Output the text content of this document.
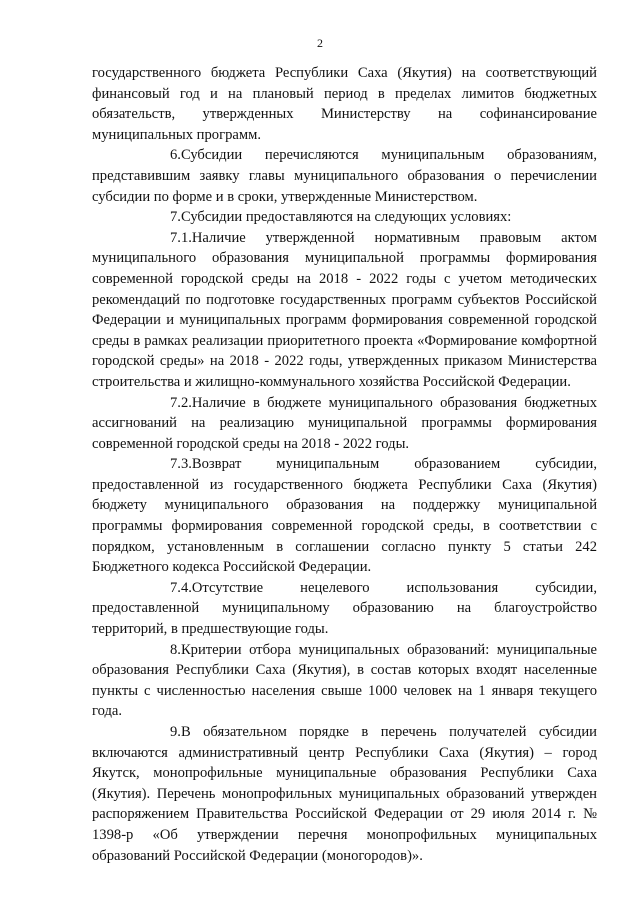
2

государственного бюджета Республики Саха (Якутия) на соответствующий финансовый год и на плановый период в пределах лимитов бюджетных обязательств, утвержденных Министерству на софинансирование муниципальных программ.

6.Субсидии перечисляются муниципальным образованиям, представившим заявку главы муниципального образования о перечислении субсидии по форме и в сроки, утвержденные Министерством.

7.Субсидии предоставляются на следующих условиях:

7.1.Наличие утвержденной нормативным правовым актом муниципального образования муниципальной программы формирования современной городской среды на 2018 - 2022 годы с учетом методических рекомендаций по подготовке государственных программ субъектов Российской Федерации и муниципальных программ формирования современной городской среды в рамках реализации приоритетного проекта «Формирование комфортной городской среды» на 2018 - 2022 годы, утвержденных приказом Министерства строительства и жилищно-коммунального хозяйства Российской Федерации.

7.2.Наличие в бюджете муниципального образования бюджетных ассигнований на реализацию муниципальной программы формирования современной городской среды на 2018 - 2022 годы.

7.3.Возврат муниципальным образованием субсидии, предоставленной из государственного бюджета Республики Саха (Якутия) бюджету муниципального образования на поддержку муниципальной программы формирования современной городской среды, в соответствии с порядком, установленным в соглашении согласно пункту 5 статьи 242 Бюджетного кодекса Российской Федерации.

7.4.Отсутствие нецелевого использования субсидии, предоставленной муниципальному образованию на благоустройство территорий, в предшествующие годы.

8.Критерии отбора муниципальных образований: муниципальные образования Республики Саха (Якутия), в состав которых входят населенные пункты с численностью населения свыше 1000 человек на 1 января текущего года.

9.В обязательном порядке в перечень получателей субсидии включаются административный центр Республики Саха (Якутия) – город Якутск, монопрофильные муниципальные образования Республики Саха (Якутия). Перечень монопрофильных муниципальных образований утвержден распоряжением Правительства Российской Федерации от 29 июля 2014 г. № 1398-р «Об утверждении перечня монопрофильных муниципальных образований Российской Федерации (моногородов)».
